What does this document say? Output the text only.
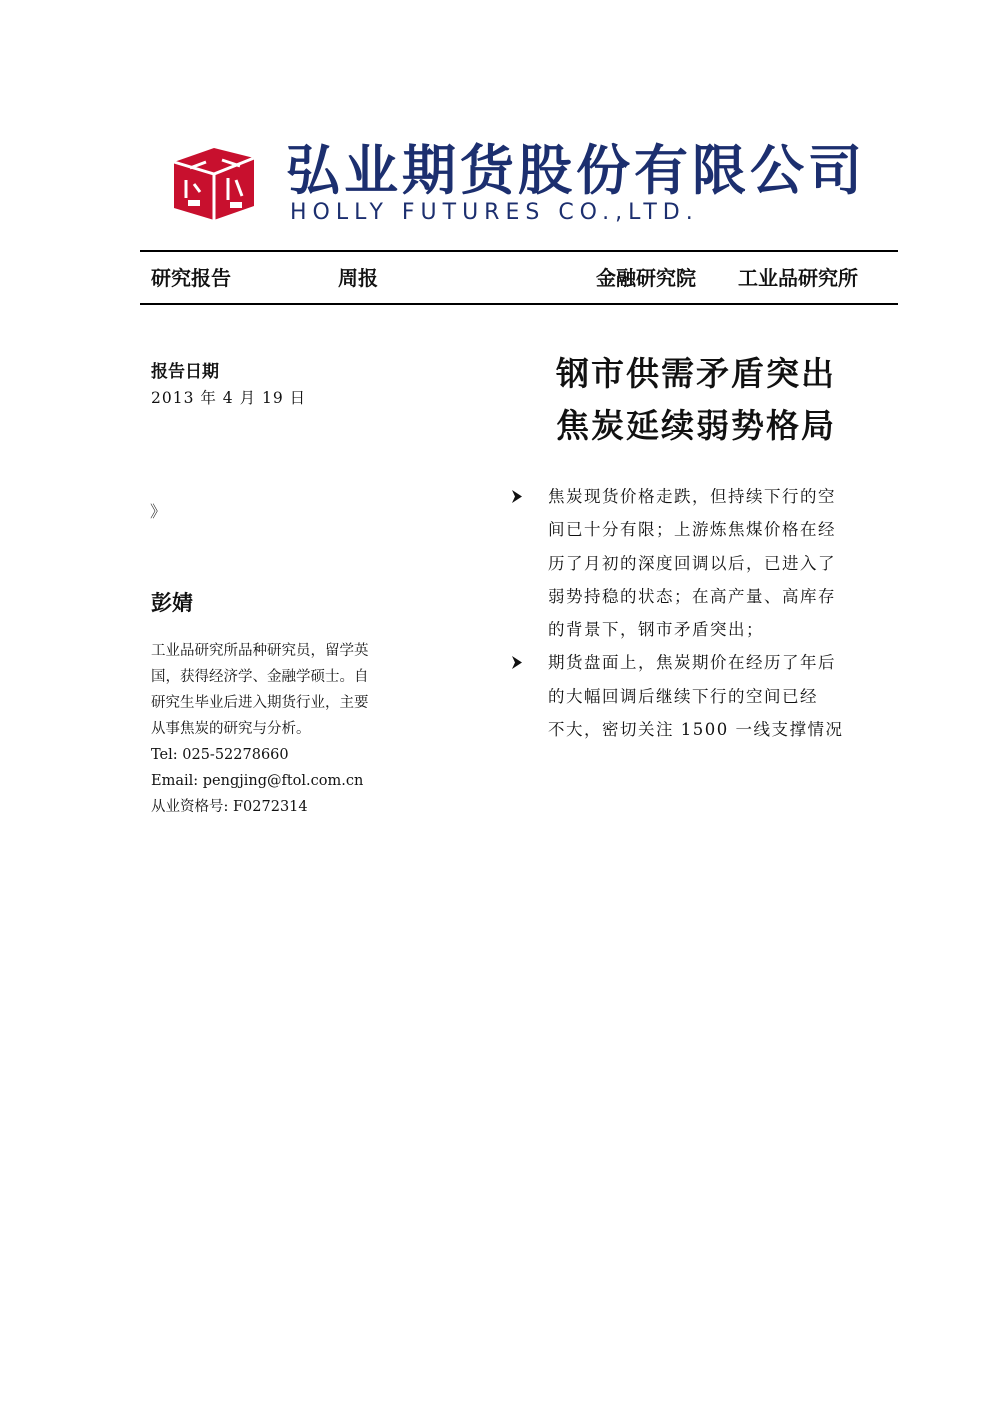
弘业期货股份有限公司
HOLLY FUTURES CO.,LTD.
研究报告	周报	金融研究院 工业品研究所
报告日期
2013 年 4 月 19 日
》
彭婧
工业品研究所品种研究员，留学英
国，获得经济学、金融学硕士。自
研究生毕业后进入期货行业，主要
从事焦炭的研究与分析。
Tel: 025-52278660
Email: pengjing@ftol.com.cn
从业资格号: F0272314
钢市供需矛盾突出
焦炭延续弱势格局
焦炭现货价格走跌，但持续下行的空
间已十分有限；上游炼焦煤价格在经
历了月初的深度回调以后，已进入了
弱势持稳的状态；在高产量、高库存
的背景下，钢市矛盾突出；
期货盘面上，焦炭期价在经历了年后
的大幅回调后继续下行的空间已经
不大，密切关注 1500 一线支撑情况
